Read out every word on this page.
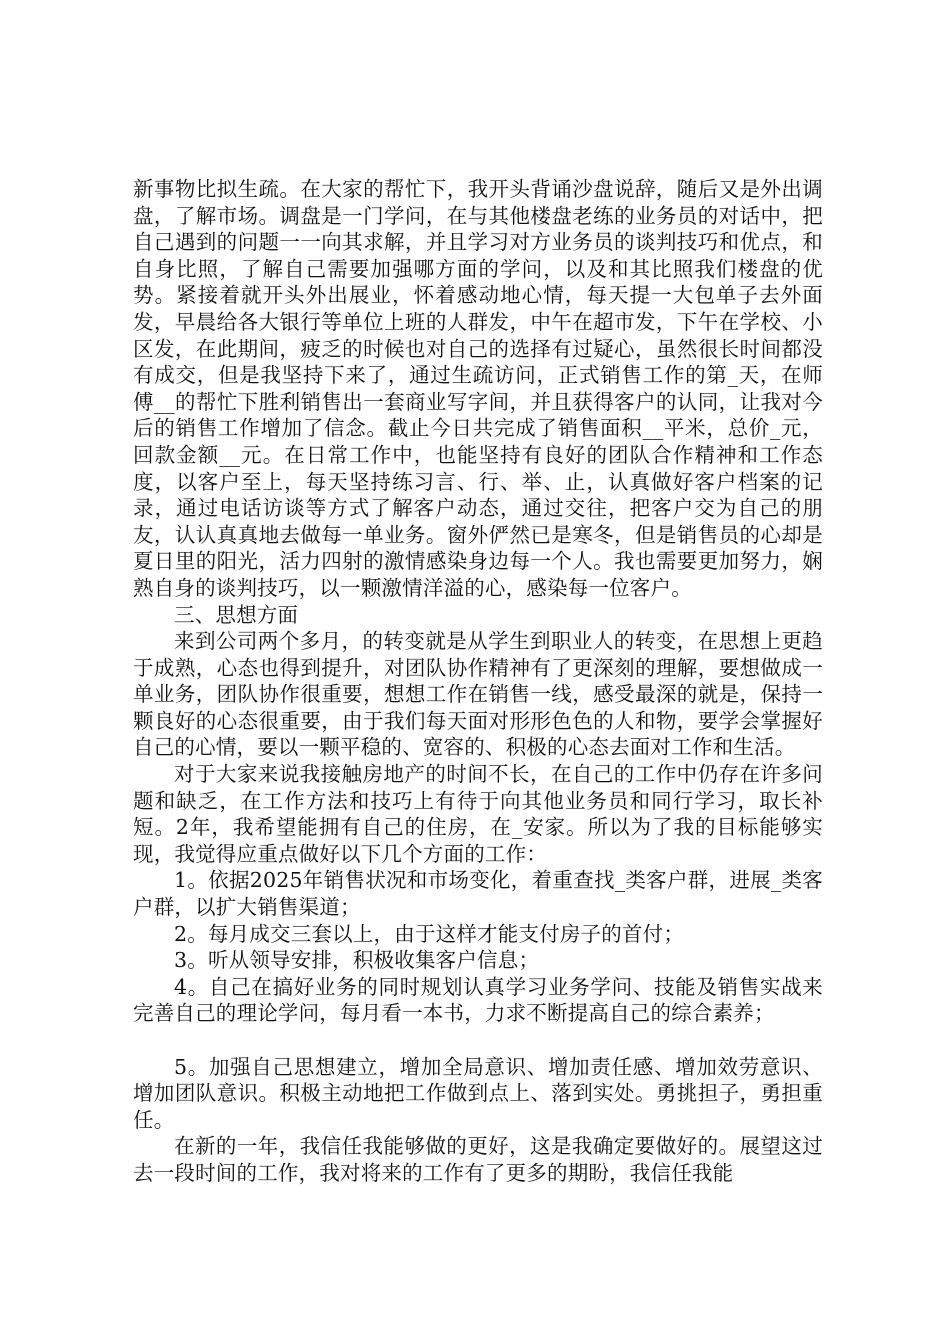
新事物比拟生疏。在大家的帮忙下，我开头背诵沙盘说辞，随后又是外出调盘，了解市场。调盘是一门学问，在与其他楼盘老练的业务员的对话中，把自己遇到的问题一一向其求解，并且学习对方业务员的谈判技巧和优点，和自身比照，了解自己需要加强哪方面的学问，以及和其比照我们楼盘的优势。紧接着就开头外出展业，怀着感动地心情，每天提一大包单子去外面发，早晨给各大银行等单位上班的人群发，中午在超市发，下午在学校、小区发，在此期间，疲乏的时候也对自己的选择有过疑心，虽然很长时间都没有成交，但是我坚持下来了，通过生疏访问，正式销售工作的第_天，在师傅__的帮忙下胜利销售出一套商业写字间，并且获得客户的认同，让我对今后的销售工作增加了信念。截止今日共完成了销售面积__平米，总价_元，回款金额__元。在日常工作中，也能坚持有良好的团队合作精神和工作态度，以客户至上，每天坚持练习言、行、举、止，认真做好客户档案的记录，通过电话访谈等方式了解客户动态，通过交往，把客户交为自己的朋友，认认真真地去做每一单业务。窗外俨然已是寒冬，但是销售员的心却是夏日里的阳光，活力四射的激情感染身边每一个人。我也需要更加努力，娴熟自身的谈判技巧，以一颗激情洋溢的心，感染每一位客户。

三、思想方面

来到公司两个多月，的转变就是从学生到职业人的转变，在思想上更趋于成熟，心态也得到提升，对团队协作精神有了更深刻的理解，要想做成一单业务，团队协作很重要，想想工作在销售一线，感受最深的就是，保持一颗良好的心态很重要，由于我们每天面对形形色色的人和物，要学会掌握好自己的心情，要以一颗平稳的、宽容的、积极的心态去面对工作和生活。

对于大家来说我接触房地产的时间不长，在自己的工作中仍存在许多问题和缺乏，在工作方法和技巧上有待于向其他业务员和同行学习，取长补短。2年，我希望能拥有自己的住房，在_安家。所以为了我的目标能够实现，我觉得应重点做好以下几个方面的工作：

1。依据2025年销售状况和市场变化，着重查找_类客户群，进展_类客户群，以扩大销售渠道；

2。每月成交三套以上，由于这样才能支付房子的首付；

3。听从领导安排，积极收集客户信息；

4。自己在搞好业务的同时规划认真学习业务学问、技能及销售实战来完善自己的理论学问，每月看一本书，力求不断提高自己的综合素养；

5。加强自己思想建立，增加全局意识、增加责任感、增加效劳意识、增加团队意识。积极主动地把工作做到点上、落到实处。勇挑担子，勇担重任。

在新的一年，我信任我能够做的更好，这是我确定要做好的。展望这过去一段时间的工作，我对将来的工作有了更多的期盼，我信任我能
